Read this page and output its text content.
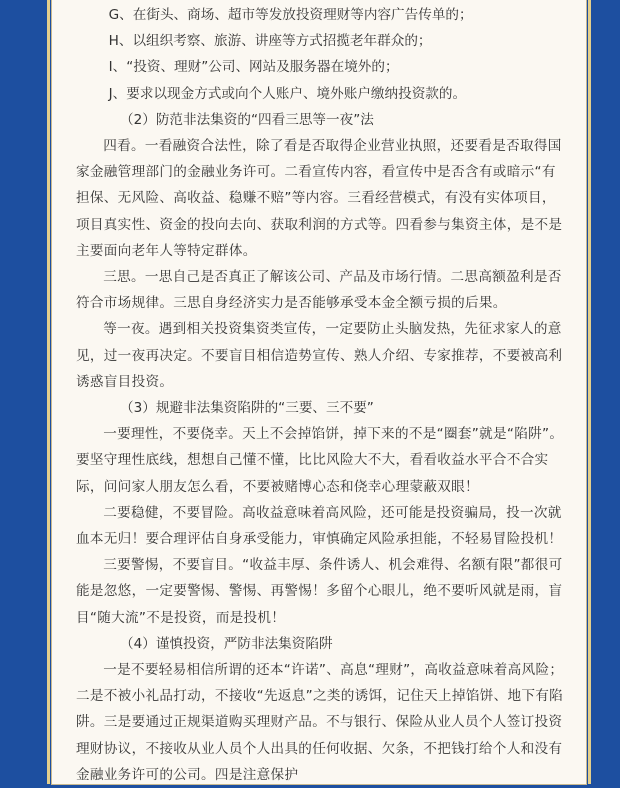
G、在街头、商场、超市等发放投资理财等内容广告传单的；

H、以组织考察、旅游、讲座等方式招揽老年群众的；

I、“投资、理财”公司、网站及服务器在境外的；

J、要求以现金方式或向个人账户、境外账户缴纳投资款的。

（2）防范非法集资的“四看三思等一夜”法

四看。一看融资合法性，除了看是否取得企业营业执照，还要看是否取得国家金融管理部门的金融业务许可。二看宣传内容，看宣传中是否含有或暗示“有担保、无风险、高收益、稳赚不赔”等内容。三看经营模式，有没有实体项目，项目真实性、资金的投向去向、获取利润的方式等。四看参与集资主体，是不是主要面向老年人等特定群体。

三思。一思自己是否真正了解该公司、产品及市场行情。二思高额盈利是否符合市场规律。三思自身经济实力是否能够承受本金全额亏损的后果。

等一夜。遇到相关投资集资类宣传，一定要防止头脑发热，先征求家人的意见，过一夜再决定。不要盲目相信造势宣传、熟人介绍、专家推荐，不要被高利诱惑盲目投资。

（3）规避非法集资陷阱的“三要、三不要”

一要理性，不要侥幸。天上不会掉馅饼，掉下来的不是“圈套”就是“陷阱”。要坚守理性底线，想想自己懂不懂，比比风险大不大，看看收益水平合不合实际，问问家人朋友怎么看，不要被赌博心态和侥幸心理蒙蔽双眼！

二要稳健，不要冒险。高收益意味着高风险，还可能是投资骗局，投一次就血本无归！要合理评估自身承受能力，审慎确定风险承担能，不轻易冒险投机！

三要警惕，不要盲目。“收益丰厚、条件诱人、机会难得、名额有限”都很可能是忽悠，一定要警惕、警惕、再警惕！多留个心眼儿，绝不要听风就是雨，盲目“随大流”不是投资，而是投机！

（4）谨慎投资，严防非法集资陷阱

一是不要轻易相信所谓的还本“许诺”、高息“理财”，高收益意味着高风险；二是不被小礼品打动，不接收“先返息”之类的诱饵，记住天上掉馅饼、地下有陷阱。三是要通过正规渠道购买理财产品。不与银行、保险从业人员个人签订投资理财协议，不接收从业人员个人出具的任何收据、欠条，不把钱打给个人和没有金融业务许可的公司。四是注意保护
